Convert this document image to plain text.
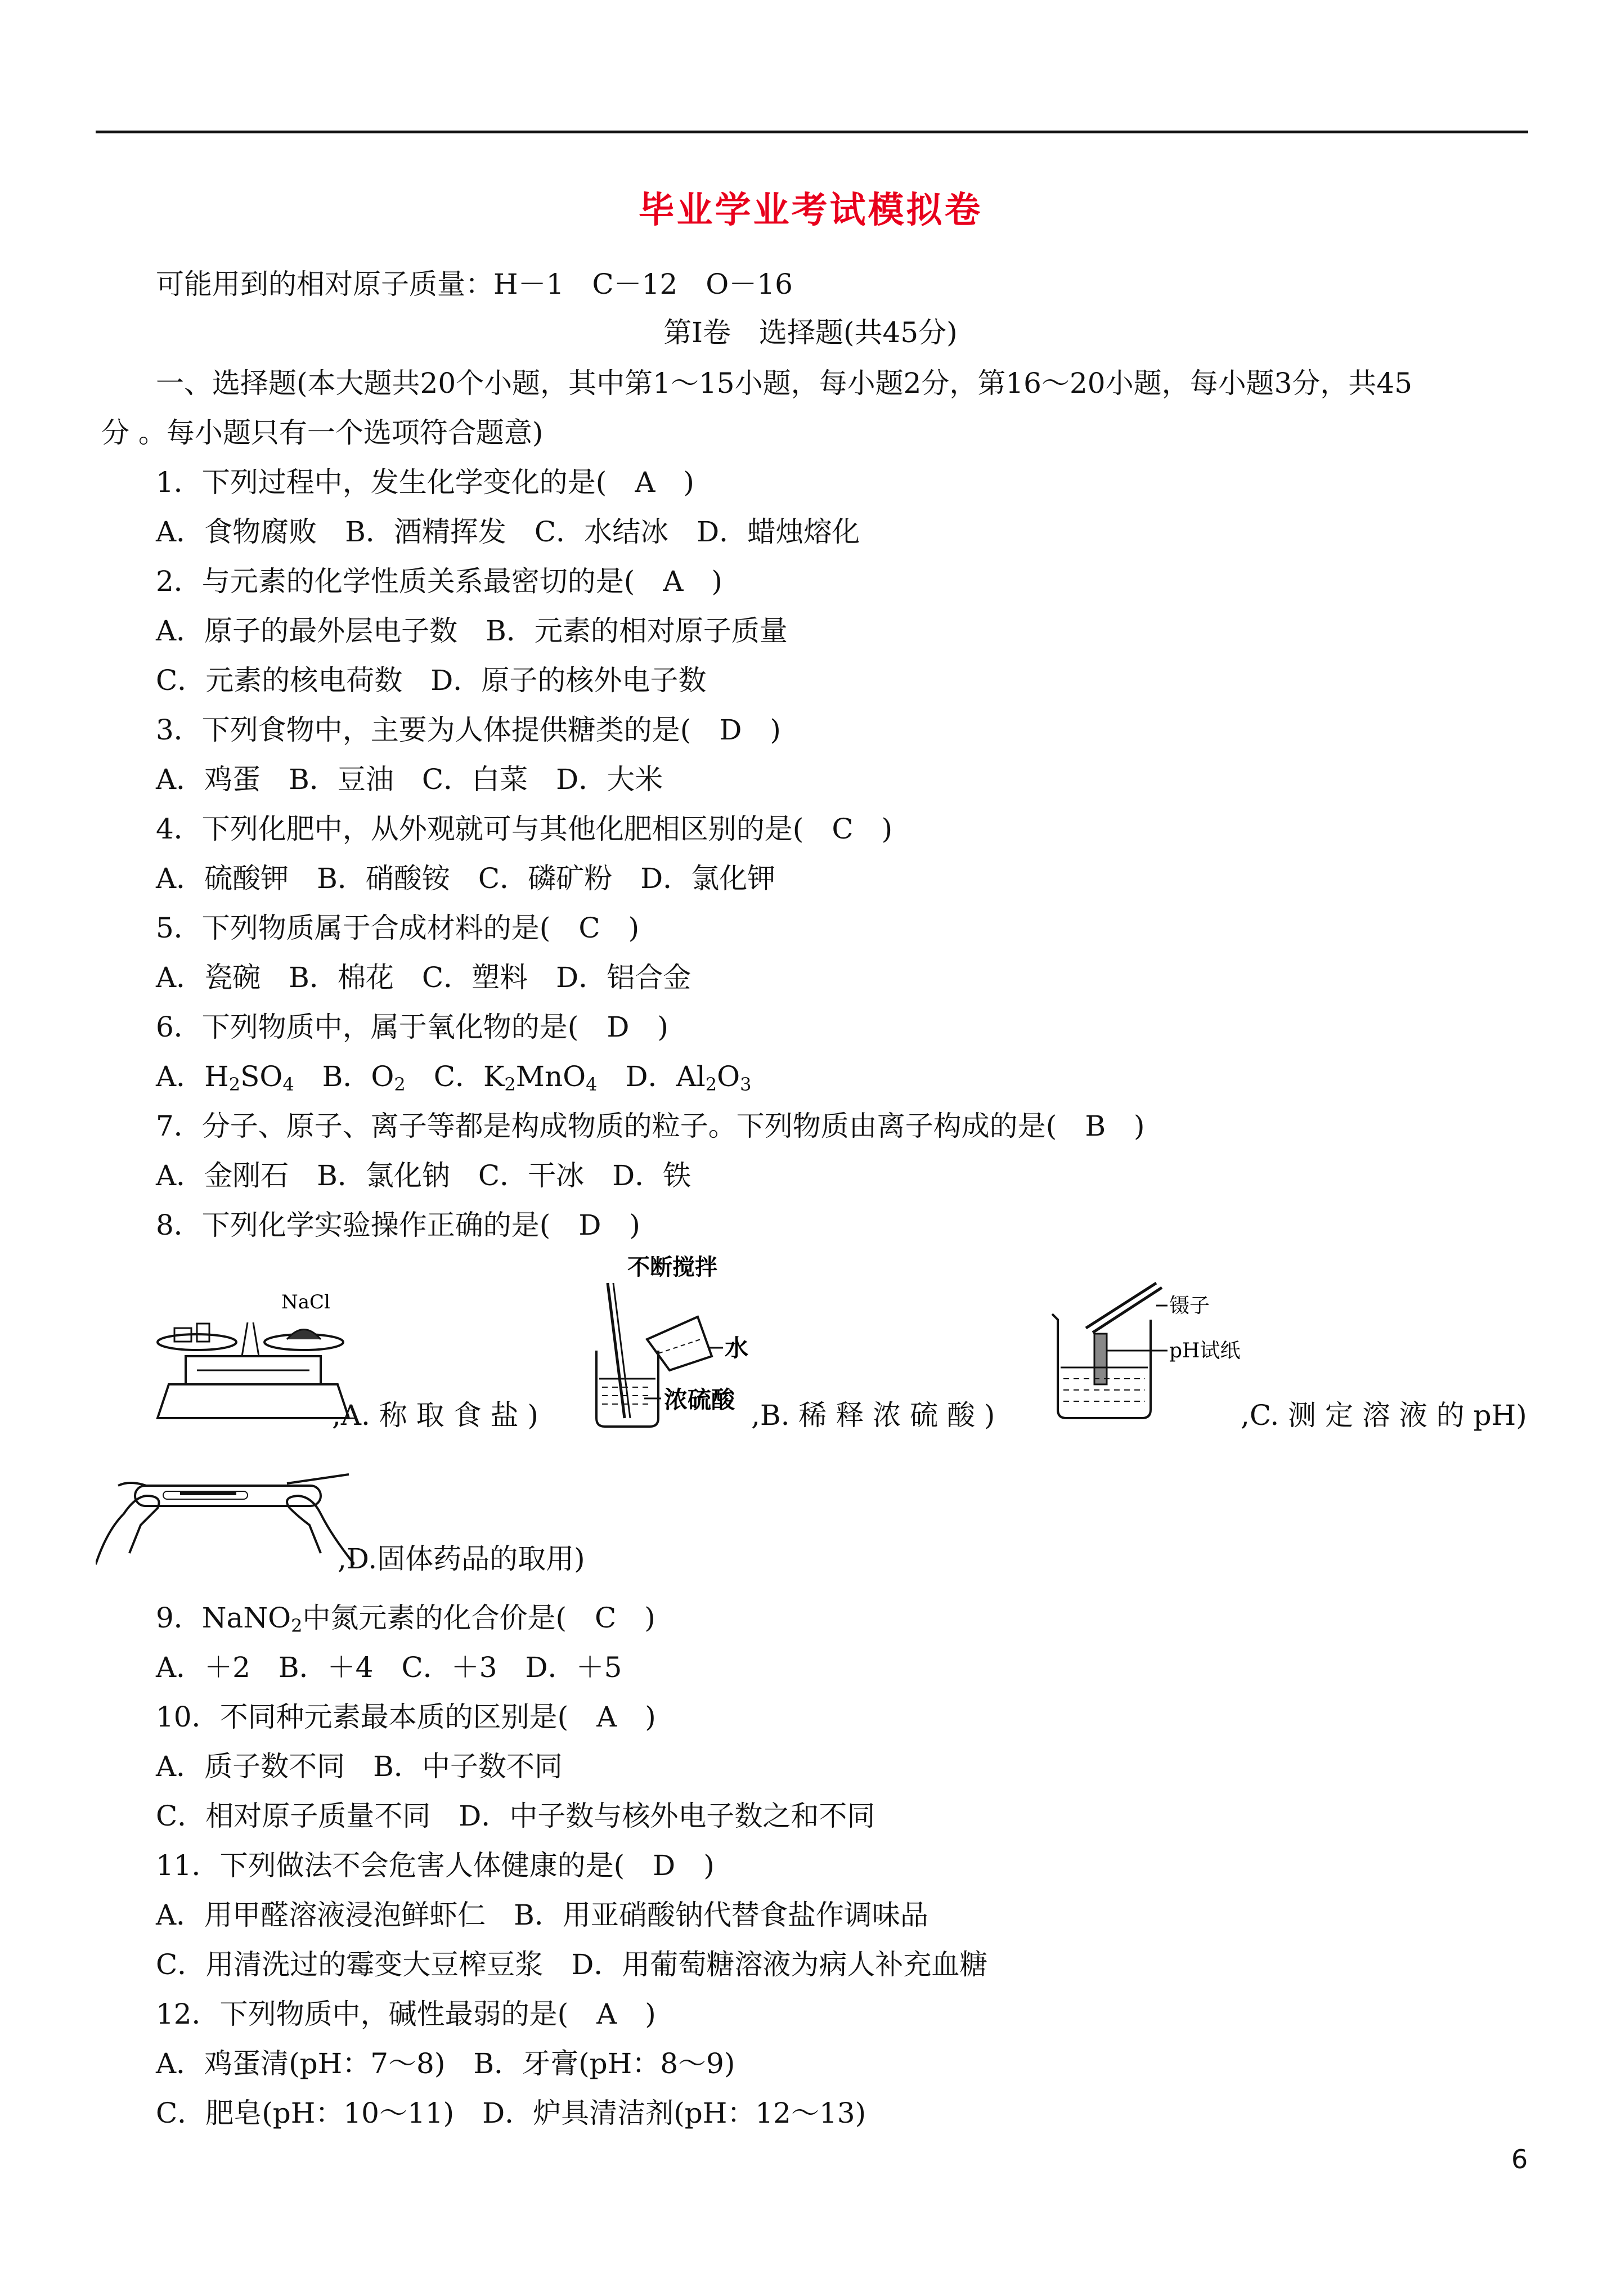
毕业学业考试模拟卷
可能用到的相对原子质量：H－1　C－12　O－16
第Ⅰ卷　选择题(共45分)
一、选择题(本大题共20个小题，其中第1～15小题，每小题2分，第16～20小题，每小题3分，共45
分 。每小题只有一个选项符合题意)
1．下列过程中，发生化学变化的是(　A　)
A．食物腐败　B．酒精挥发　C．水结冰　D．蜡烛熔化
2．与元素的化学性质关系最密切的是(　A　)
A．原子的最外层电子数　B．元素的相对原子质量
C．元素的核电荷数　D．原子的核外电子数
3．下列食物中，主要为人体提供糖类的是(　D　)
A．鸡蛋　B．豆油　C．白菜　D．大米
4．下列化肥中，从外观就可与其他化肥相区别的是(　C　)
A．硫酸钾　B．硝酸铵　C．磷矿粉　D．氯化钾
5．下列物质属于合成材料的是(　C　)
A．瓷碗　B．棉花　C．塑料　D．铝合金
6．下列物质中，属于氧化物的是(　D　)
A．$H_2SO_4$　B．$O_2$　C．$K_2MnO_4$　D．$Al_2O_3$
7．分子、原子、离子等都是构成物质的粒子。下列物质由离子构成的是(　B　)
A．金刚石　B．氯化钠　C．干冰　D．铁
8．下列化学实验操作正确的是(　D　)
NaCl
,A. 称 取 食 盐 )
不断搅拌
水
浓硫酸 ,B. 稀 释 浓 硫 酸 )
镊子
pH试纸
,C. 测 定 溶 液 的 pH)
,D.固体药品的取用)
9．NaNO$_2$中氮元素的化合价是(　C　)
A．＋2　B．＋4　C．＋3　D．＋5
10．不同种元素最本质的区别是(　A　)
A．质子数不同　B．中子数不同
C．相对原子质量不同　D．中子数与核外电子数之和不同
11．下列做法不会危害人体健康的是(　D　)
A．用甲醛溶液浸泡鲜虾仁　B．用亚硝酸钠代替食盐作调味品
C．用清洗过的霉变大豆榨豆浆　D．用葡萄糖溶液为病人补充血糖
12．下列物质中，碱性最弱的是(　A　)
A．鸡蛋清(pH：7～8)　B．牙膏(pH：8～9)
C．肥皂(pH：10～11)　D．炉具清洁剂(pH：12～13)
6
